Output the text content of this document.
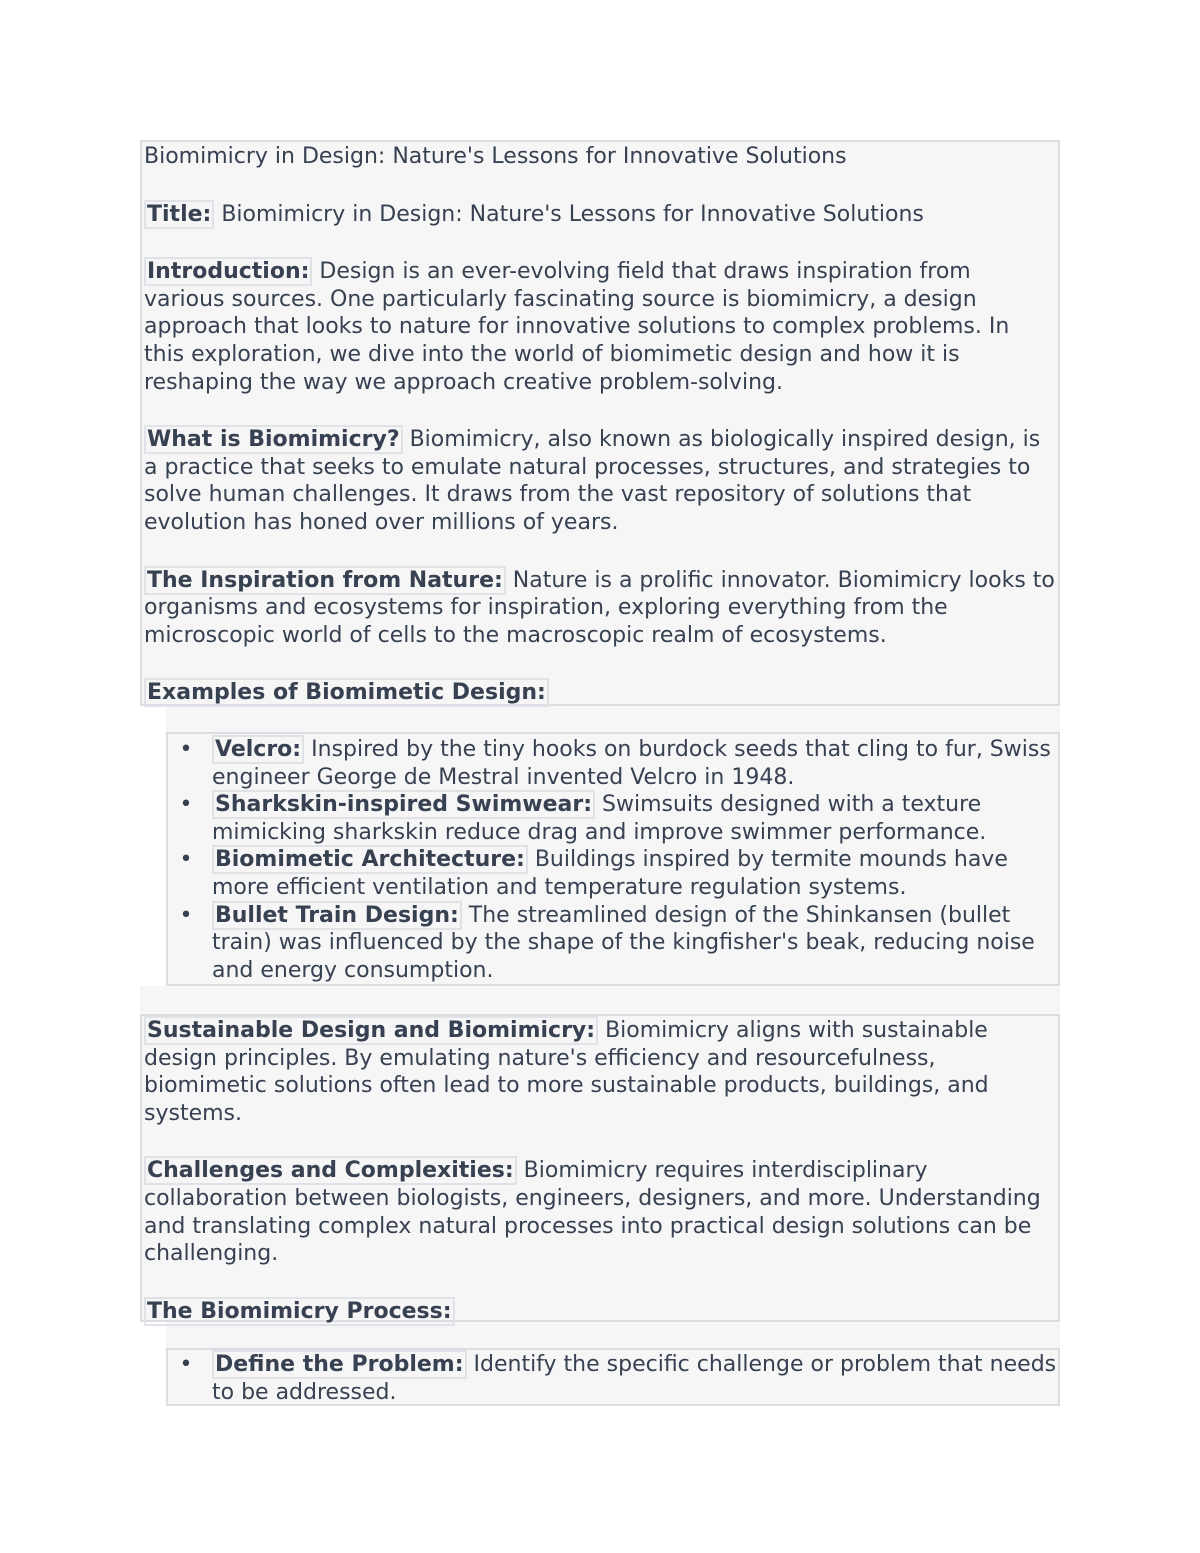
Biomimicry in Design: Nature's Lessons for Innovative Solutions

Title: Biomimicry in Design: Nature's Lessons for Innovative Solutions

Introduction: Design is an ever-evolving field that draws inspiration from various sources. One particularly fascinating source is biomimicry, a design approach that looks to nature for innovative solutions to complex problems. In this exploration, we dive into the world of biomimetic design and how it is reshaping the way we approach creative problem-solving.

What is Biomimicry? Biomimicry, also known as biologically inspired design, is a practice that seeks to emulate natural processes, structures, and strategies to solve human challenges. It draws from the vast repository of solutions that evolution has honed over millions of years.

The Inspiration from Nature: Nature is a prolific innovator. Biomimicry looks to organisms and ecosystems for inspiration, exploring everything from the microscopic world of cells to the macroscopic realm of ecosystems.

Examples of Biomimetic Design:

• Velcro: Inspired by the tiny hooks on burdock seeds that cling to fur, Swiss engineer George de Mestral invented Velcro in 1948.
• Sharkskin-inspired Swimwear: Swimsuits designed with a texture mimicking sharkskin reduce drag and improve swimmer performance.
• Biomimetic Architecture: Buildings inspired by termite mounds have more efficient ventilation and temperature regulation systems.
• Bullet Train Design: The streamlined design of the Shinkansen (bullet train) was influenced by the shape of the kingfisher's beak, reducing noise and energy consumption.

Sustainable Design and Biomimicry: Biomimicry aligns with sustainable design principles. By emulating nature's efficiency and resourcefulness, biomimetic solutions often lead to more sustainable products, buildings, and systems.

Challenges and Complexities: Biomimicry requires interdisciplinary collaboration between biologists, engineers, designers, and more. Understanding and translating complex natural processes into practical design solutions can be challenging.

The Biomimicry Process:

• Define the Problem: Identify the specific challenge or problem that needs to be addressed.
